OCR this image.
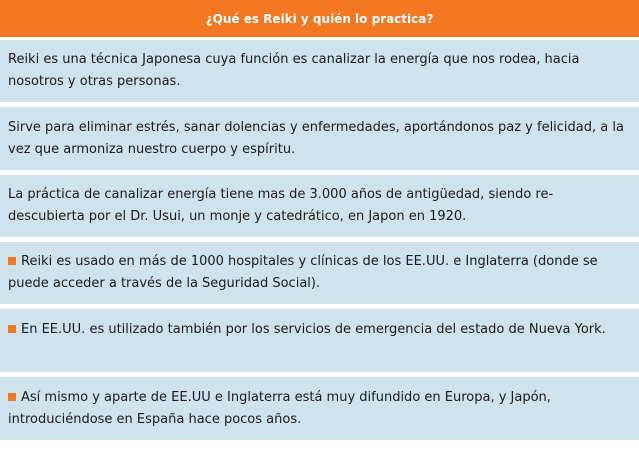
¿Qué es Reiki y quién lo practica?
Reiki es una técnica Japonesa cuya función es canalizar la energía que nos rodea, hacia nosotros y otras personas.
Sirve para eliminar estrés, sanar dolencias y enfermedades, aportándonos paz y felicidad, a la vez que armoniza nuestro cuerpo y espíritu.
La práctica de canalizar energía tiene mas de 3.000 años de antigüedad, siendo re-descubierta por el Dr. Usui, un monje y catedrático, en Japon en 1920.
Reiki es usado en más de 1000 hospitales y clínicas de los EE.UU. e Inglaterra (donde se puede acceder a través de la Seguridad Social).
En EE.UU. es utilizado también por los servicios de emergencia del estado de Nueva York.
Así mismo y aparte de EE.UU e Inglaterra está muy difundido en Europa, y Japón, introduciéndose en España hace pocos años.
